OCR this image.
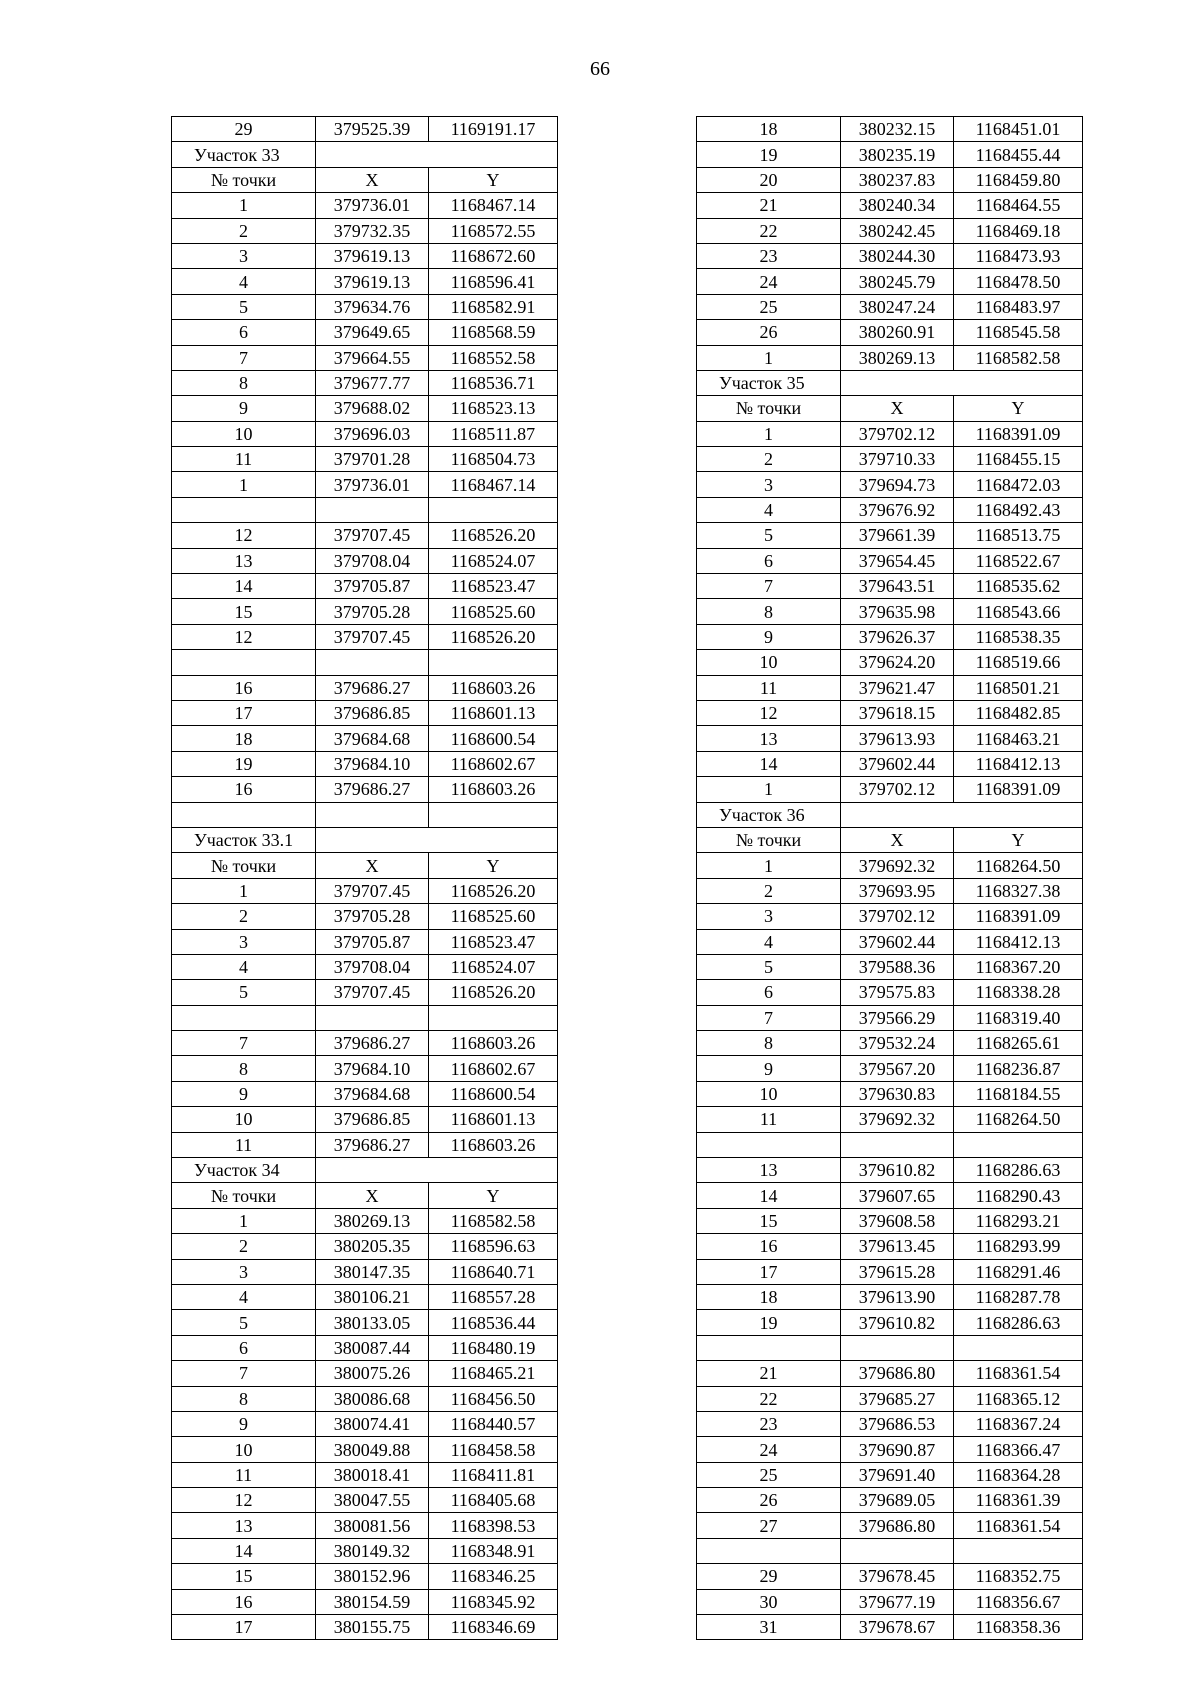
66
29	379525.39	1169191.17
Участок 33		
№ точки	X	Y
1	379736.01	1168467.14
2	379732.35	1168572.55
3	379619.13	1168672.60
4	379619.13	1168596.41
5	379634.76	1168582.91
6	379649.65	1168568.59
7	379664.55	1168552.58
8	379677.77	1168536.71
9	379688.02	1168523.13
10	379696.03	1168511.87
11	379701.28	1168504.73
1	379736.01	1168467.14

12	379707.45	1168526.20
13	379708.04	1168524.07
14	379705.87	1168523.47
15	379705.28	1168525.60
12	379707.45	1168526.20

16	379686.27	1168603.26
17	379686.85	1168601.13
18	379684.68	1168600.54
19	379684.10	1168602.67
16	379686.27	1168603.26

Участок 33.1		
№ точки	X	Y
1	379707.45	1168526.20
2	379705.28	1168525.60
3	379705.87	1168523.47
4	379708.04	1168524.07
5	379707.45	1168526.20

7	379686.27	1168603.26
8	379684.10	1168602.67
9	379684.68	1168600.54
10	379686.85	1168601.13
11	379686.27	1168603.26
Участок 34		
№ точки	X	Y
1	380269.13	1168582.58
2	380205.35	1168596.63
3	380147.35	1168640.71
4	380106.21	1168557.28
5	380133.05	1168536.44
6	380087.44	1168480.19
7	380075.26	1168465.21
8	380086.68	1168456.50
9	380074.41	1168440.57
10	380049.88	1168458.58
11	380018.41	1168411.81
12	380047.55	1168405.68
13	380081.56	1168398.53
14	380149.32	1168348.91
15	380152.96	1168346.25
16	380154.59	1168345.92
17	380155.75	1168346.69
18	380232.15	1168451.01
19	380235.19	1168455.44
20	380237.83	1168459.80
21	380240.34	1168464.55
22	380242.45	1168469.18
23	380244.30	1168473.93
24	380245.79	1168478.50
25	380247.24	1168483.97
26	380260.91	1168545.58
1	380269.13	1168582.58
Участок 35		
№ точки	X	Y
1	379702.12	1168391.09
2	379710.33	1168455.15
3	379694.73	1168472.03
4	379676.92	1168492.43
5	379661.39	1168513.75
6	379654.45	1168522.67
7	379643.51	1168535.62
8	379635.98	1168543.66
9	379626.37	1168538.35
10	379624.20	1168519.66
11	379621.47	1168501.21
12	379618.15	1168482.85
13	379613.93	1168463.21
14	379602.44	1168412.13
1	379702.12	1168391.09
Участок 36		
№ точки	X	Y
1	379692.32	1168264.50
2	379693.95	1168327.38
3	379702.12	1168391.09
4	379602.44	1168412.13
5	379588.36	1168367.20
6	379575.83	1168338.28
7	379566.29	1168319.40
8	379532.24	1168265.61
9	379567.20	1168236.87
10	379630.83	1168184.55
11	379692.32	1168264.50

13	379610.82	1168286.63
14	379607.65	1168290.43
15	379608.58	1168293.21
16	379613.45	1168293.99
17	379615.28	1168291.46
18	379613.90	1168287.78
19	379610.82	1168286.63

21	379686.80	1168361.54
22	379685.27	1168365.12
23	379686.53	1168367.24
24	379690.87	1168366.47
25	379691.40	1168364.28
26	379689.05	1168361.39
27	379686.80	1168361.54

29	379678.45	1168352.75
30	379677.19	1168356.67
31	379678.67	1168358.36
